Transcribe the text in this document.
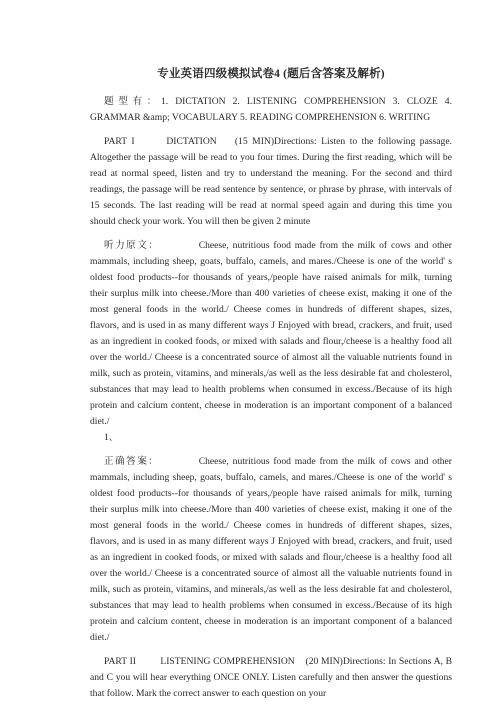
专业英语四级模拟试卷4 (题后含答案及解析)

题型有：1. DICTATION 2. LISTENING COMPREHENSION 3. CLOZE 4. GRAMMAR &amp; VOCABULARY 5. READING COMPREHENSION 6. WRITING

PART I	DICTATION (15 MIN)Directions: Listen to the following passage. Altogether the passage will be read to you four times. During the first reading, which will be read at normal speed, listen and try to understand the meaning. For the second and third readings, the passage will be read sentence by sentence, or phrase by phrase, with intervals of 15 seconds. The last reading will be read at normal speed again and during this time you should check your work. You will then be given 2 minute

听力原文：	Cheese, nutritious food made from the milk of cows and other mammals, including sheep, goats, buffalo, camels, and mares./Cheese is one of the world' s oldest food products--for thousands of years,/people have raised animals for milk, turning their surplus milk into cheese./More than 400 varieties of cheese exist, making it one of the most general foods in the world./ Cheese comes in hundreds of different shapes, sizes, flavors, and is used in as many different ways J Enjoyed with bread, crackers, and fruit, used as an ingredient in cooked foods, or mixed with salads and flour,/cheese is a healthy food all over the world./ Cheese is a concentrated source of almost all the valuable nutrients found in milk, such as protein, vitamins, and minerals,/as well as the less desirable fat and cholesterol, substances that may lead to health problems when consumed in excess./Because of its high protein and calcium content, cheese in moderation is an important component of a balanced diet./

1、

正确答案：	Cheese, nutritious food made from the milk of cows and other mammals, including sheep, goats, buffalo, camels, and mares./Cheese is one of the world' s oldest food products--for thousands of years,/people have raised animals for milk, turning their surplus milk into cheese./More than 400 varieties of cheese exist, making it one of the most general foods in the world./ Cheese comes in hundreds of different shapes, sizes, flavors, and is used in as many different ways J Enjoyed with bread, crackers, and fruit, used as an ingredient in cooked foods, or mixed with salads and flour,/cheese is a healthy food all over the world./ Cheese is a concentrated source of almost all the valuable nutrients found in milk, such as protein, vitamins, and minerals,/as well as the less desirable fat and cholesterol, substances that may lead to health problems when consumed in excess./Because of its high protein and calcium content, cheese in moderation is an important component of a balanced diet./

PART II	LISTENING COMPREHENSION (20 MIN)Directions: In Sections A, B and C you will hear everything ONCE ONLY. Listen carefully and then answer the questions that follow. Mark the correct answer to each question on your
